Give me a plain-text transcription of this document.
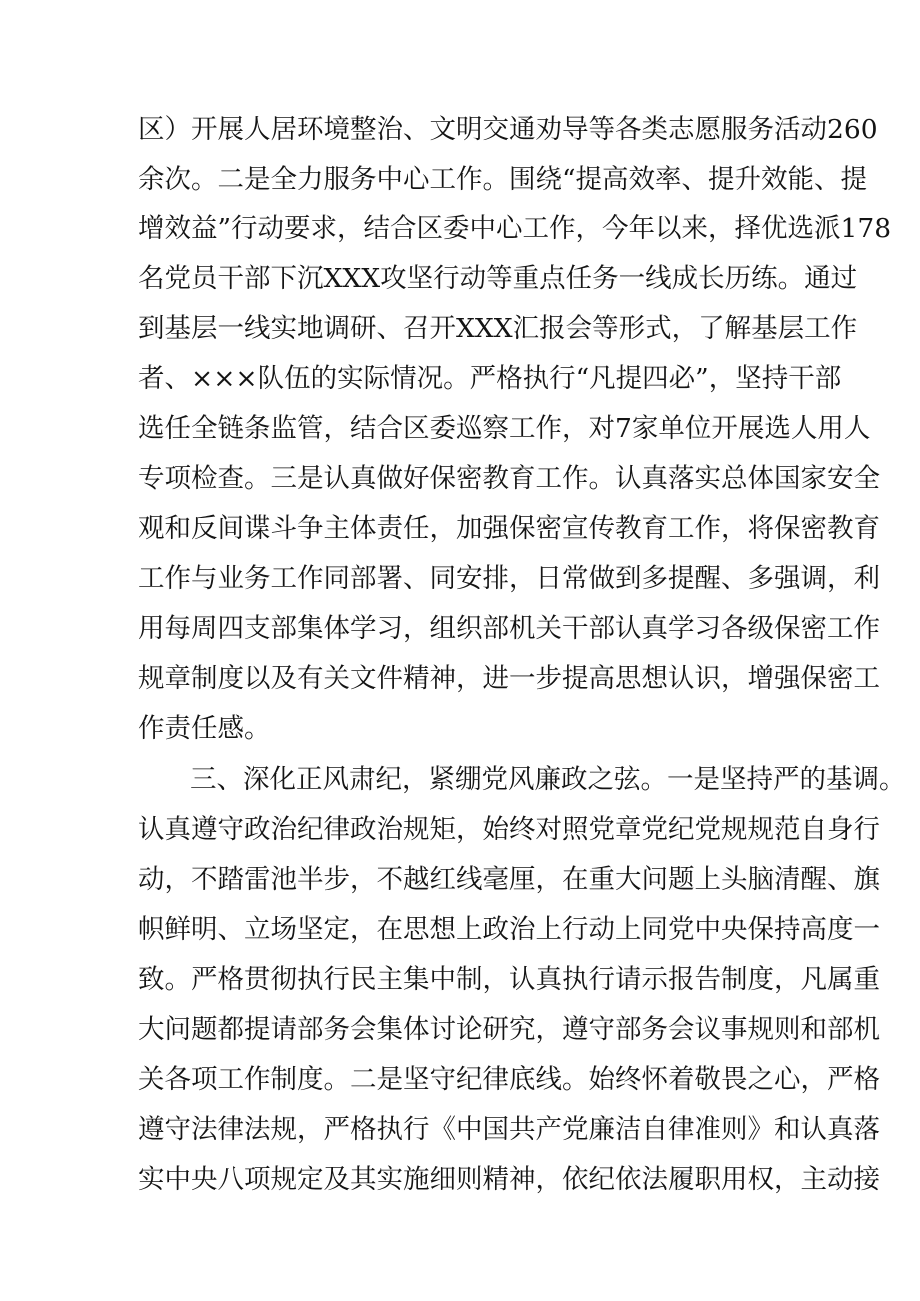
区）开展人居环境整治、文明交通劝导等各类志愿服务活动260
余次。二是全力服务中心工作。围绕“提高效率、提升效能、提
增效益”行动要求，结合区委中心工作，今年以来，择优选派178
名党员干部下沉XXX攻坚行动等重点任务一线成长历练。通过
到基层一线实地调研、召开XXX汇报会等形式，了解基层工作
者、×××队伍的实际情况。严格执行“凡提四必”，坚持干部
选任全链条监管，结合区委巡察工作，对7家单位开展选人用人
专项检查。三是认真做好保密教育工作。认真落实总体国家安全
观和反间谍斗争主体责任，加强保密宣传教育工作，将保密教育
工作与业务工作同部署、同安排，日常做到多提醒、多强调，利
用每周四支部集体学习，组织部机关干部认真学习各级保密工作
规章制度以及有关文件精神，进一步提高思想认识，增强保密工
作责任感。
三、深化正风肃纪，紧绷党风廉政之弦。一是坚持严的基调。
认真遵守政治纪律政治规矩，始终对照党章党纪党规规范自身行
动，不踏雷池半步，不越红线毫厘，在重大问题上头脑清醒、旗
帜鲜明、立场坚定，在思想上政治上行动上同党中央保持高度一
致。严格贯彻执行民主集中制，认真执行请示报告制度，凡属重
大问题都提请部务会集体讨论研究，遵守部务会议事规则和部机
关各项工作制度。二是坚守纪律底线。始终怀着敬畏之心，严格
遵守法律法规，严格执行《中国共产党廉洁自律准则》和认真落
实中央八项规定及其实施细则精神，依纪依法履职用权，主动接
